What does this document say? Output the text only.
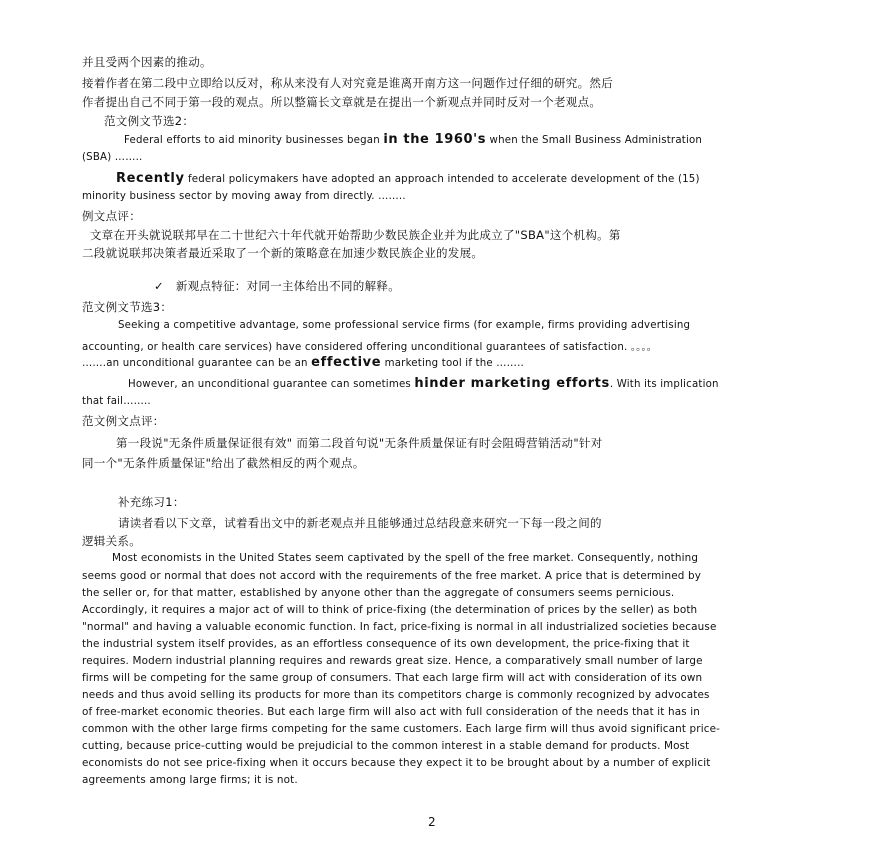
并且受两个因素的推动。
接着作者在第二段中立即给以反对，称从来没有人对究竟是谁离开南方这一问题作过仔细的研究。然后
作者提出自己不同于第一段的观点。所以整篇长文章就是在提出一个新观点并同时反对一个老观点。
范文例文节选2：
Federal efforts to aid minority businesses began in the 1960's when the Small Business Administration
(SBA) ……..
Recently federal policymakers have adopted an approach intended to accelerate development of the (15)
minority business sector by moving away from directly. ……..
例文点评：
文章在开头就说联邦早在二十世纪六十年代就开始帮助少数民族企业并为此成立了"SBA"这个机构。第
二段就说联邦决策者最近采取了一个新的策略意在加速少数民族企业的发展。
✓ 新观点特征：对同一主体给出不同的解释。
范文例文节选3：
Seeking a competitive advantage, some professional service firms (for example, firms providing advertising
accounting, or health care services) have considered offering unconditional guarantees of satisfaction. 。。。。
…….an unconditional guarantee can be an effective marketing tool if the ……..
However, an unconditional guarantee can sometimes hinder marketing efforts. With its implication
that fail……..
范文例文点评：
第一段说"无条件质量保证很有效" 而第二段首句说"无条件质量保证有时会阻碍营销活动"针对
同一个"无条件质量保证"给出了截然相反的两个观点。
补充练习1：
请读者看以下文章，试着看出文中的新老观点并且能够通过总结段意来研究一下每一段之间的
逻辑关系。
Most economists in the United States seem captivated by the spell of the free market. Consequently, nothing
seems good or normal that does not accord with the requirements of the free market. A price that is determined by
the seller or, for that matter, established by anyone other than the aggregate of consumers seems pernicious.
Accordingly, it requires a major act of will to think of price-fixing (the determination of prices by the seller) as both
"normal" and having a valuable economic function. In fact, price-fixing is normal in all industrialized societies because
the industrial system itself provides, as an effortless consequence of its own development, the price-fixing that it
requires. Modern industrial planning requires and rewards great size. Hence, a comparatively small number of large
firms will be competing for the same group of consumers. That each large firm will act with consideration of its own
needs and thus avoid selling its products for more than its competitors charge is commonly recognized by advocates
of free-market economic theories. But each large firm will also act with full consideration of the needs that it has in
common with the other large firms competing for the same customers. Each large firm will thus avoid significant price-
cutting, because price-cutting would be prejudicial to the common interest in a stable demand for products. Most
economists do not see price-fixing when it occurs because they expect it to be brought about by a number of explicit
agreements among large firms; it is not.
2
